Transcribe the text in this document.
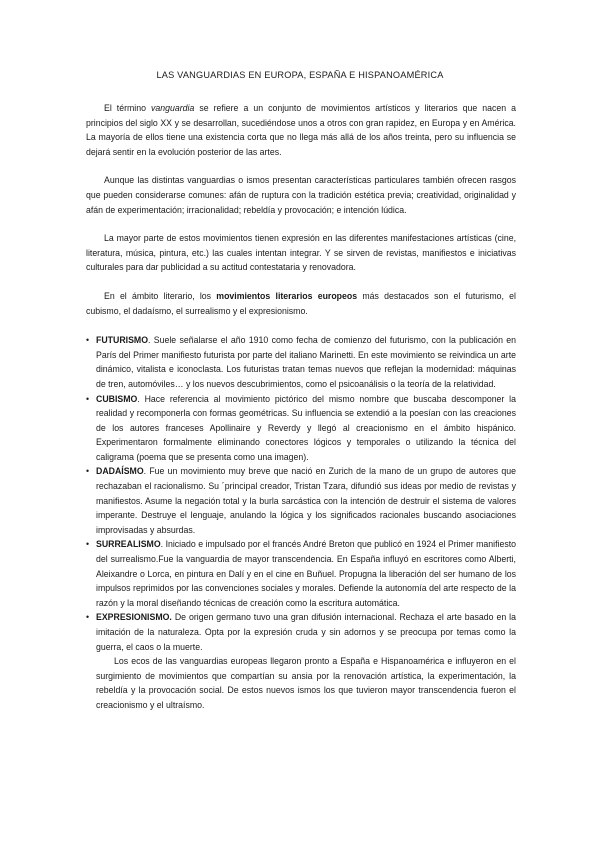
LAS VANGUARDIAS EN EUROPA, ESPAÑA E HISPANOAMÉRICA

El término vanguardia se refiere a un conjunto de movimientos artísticos y literarios que nacen a principios del siglo XX y se desarrollan, sucediéndose unos a otros con gran rapidez, en Europa y en América. La mayoría de ellos tiene una existencia corta que no llega más allá de los años treinta, pero su influencia se dejará sentir en la evolución posterior de las artes.

Aunque las distintas vanguardias o ismos presentan características particulares también ofrecen rasgos que pueden considerarse comunes: afán de ruptura con la tradición estética previa; creatividad, originalidad y afán de experimentación; irracionalidad; rebeldía y provocación; e intención lúdica.

La mayor parte de estos movimientos tienen expresión en las diferentes manifestaciones artísticas (cine, literatura, música, pintura, etc.) las cuales intentan integrar. Y se sirven de revistas, manifiestos e iniciativas culturales para dar publicidad a su actitud contestataria y renovadora.

En el ámbito literario, los movimientos literarios europeos más destacados son el futurismo, el cubismo, el dadaísmo, el surrealismo y el expresionismo.

• FUTURISMO. Suele señalarse el año 1910 como fecha de comienzo del futurismo, con la publicación en París del Primer manifiesto futurista por parte del italiano Marinetti. En este movimiento se reivindica un arte dinámico, vitalista e iconoclasta. Los futuristas tratan temas nuevos que reflejan la modernidad: máquinas de tren, automóviles… y los nuevos descubrimientos, como el psicoanálisis o la teoría de la relatividad.
• CUBISMO. Hace referencia al movimiento pictórico del mismo nombre que buscaba descomponer la realidad y recomponerla con formas geométricas. Su influencia se extendió a la poesían con las creaciones de los autores franceses Apollinaire y Reverdy y llegó al creacionismo en el ámbito hispánico. Experimentaron formalmente eliminando conectores lógicos y temporales o utilizando la técnica del caligrama (poema que se presenta como una imagen).
• DADAÍSMO. Fue un movimiento muy breve que nació en Zurich de la mano de un grupo de autores que rechazaban el racionalismo. Su ´principal creador, Tristan Tzara, difundió sus ideas por medio de revistas y manifiestos. Asume la negación total y la burla sarcástica con la intención de destruir el sistema de valores imperante. Destruye el lenguaje, anulando la lógica y los significados racionales buscando asociaciones improvisadas y absurdas.
• SURREALISMO. Iniciado e impulsado por el francés André Breton que publicó en 1924 el Primer manifiesto del surrealismo.Fue la vanguardia de mayor transcendencia. En España influyó en escritores como Alberti, Aleixandre o Lorca, en pintura en Dalí y en el cine en Buñuel. Propugna la liberación del ser humano de los impulsos reprimidos por las convenciones sociales y morales. Defiende la autonomía del arte respecto de la razón y la moral diseñando técnicas de creación como la escritura automática.
• EXPRESIONISMO. De origen germano tuvo una gran difusión internacional. Rechaza el arte basado en la imitación de la naturaleza. Opta por la expresión cruda y sin adornos y se preocupa por temas como la guerra, el caos o la muerte.

Los ecos de las vanguardias europeas llegaron pronto a España e Hispanoamérica e influyeron en el surgimiento de movimientos que compartían su ansia por la renovación artística, la experimentación, la rebeldía y la provocación social. De estos nuevos ismos los que tuvieron mayor transcendencia fueron el creacionismo y el ultraísmo.
